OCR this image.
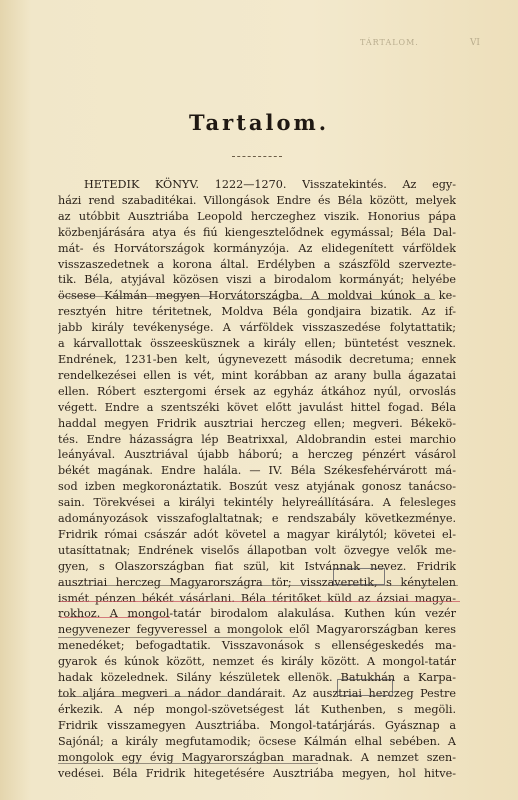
TÁRTALOM.	VI
Tartalom.
HETEDIK KÖNYV. 1222—1270. Visszatekintés. Az egy-
házi rend szabaditékai. Villongások Endre és Béla között, melyek
az utóbbit Ausztriába Leopold herczeghez viszik. Honorius pápa
közbenjárására atya és fiú kiengesztelődnek egymással; Béla Dal-
mát- és Horvátországok kormányzója. Az elidegenített várföldek
visszaszedetnek a korona által. Erdélyben a szászföld szervezte-
tik. Béla, atyjával közösen viszi a birodalom kormányát; helyébe
öcsese Kálmán megyen Horvátországba. A moldvai kúnok a ke-
resztyén hitre téritetnek, Moldva Béla gondjaira bizatik. Az if-
jabb király tevékenysége. A várföldek visszaszedése folytattatik;
a kárvallottak összeesküsznek a király ellen; büntetést vesznek.
Endrének, 1231-ben kelt, úgynevezett második decretuma; ennek
rendelkezései ellen is vét, mint korábban az arany bulla ágazatai
ellen. Róbert esztergomi érsek az egyház átkához nyúl, orvoslás
végett. Endre a szentszéki követ előtt javulást hittel fogad. Béla
haddal megyen Fridrik ausztriai herczeg ellen; megveri. Békekö-
tés. Endre házasságra lép Beatrixxal, Aldobrandin estei marchio
leányával. Ausztriával újabb háború; a herczeg pénzért vásárol
békét magának. Endre halála. — IV. Béla Székesfehérvárott má-
sod izben megkoronáztatik. Boszút vesz atyjának gonosz tanácso-
sain. Törekvései a királyi tekintély helyreállítására. A felesleges
adományozások visszafoglaltatnak; e rendszabály következménye.
Fridrik római császár adót követel a magyar királytól; követei el-
utasíttatnak; Endrének viselős állapotban volt özvegye velők me-
gyen, s Olaszországban fiat szül, kit Istvánnak nevez. Fridrik
ausztriai herczeg Magyarországra tör; visszaveretik, s kénytelen
ismét pénzen békét vásárlani. Béla téritőket küld az ázsiai magya-
rokhoz. A mongol-tatár birodalom alakulása. Kuthen kún vezér
negyvenezer fegyveressel a mongolok elől Magyarországban keres
menedéket; befogadtatik. Visszavonások s ellenségeskedés ma-
gyarok és kúnok között, nemzet és király között. A mongol-tatár
hadak közelednek. Silány készületek ellenök. Batukhán a Karpa-
tok aljára megveri a nádor dandárait. Az ausztriai herczeg Pestre
érkezik. A nép mongol-szövetségest lát Kuthenben, s megöli.
Fridrik visszamegyen Ausztriába. Mongol-tatárjárás. Gyásznap a
Sajónál; a király megfutamodik; öcsese Kálmán elhal sebében. A
mongolok egy évig Magyarországban maradnak. A nemzet szen-
vedései. Béla Fridrik hitegetésére Ausztriába megyen, hol hitve-
